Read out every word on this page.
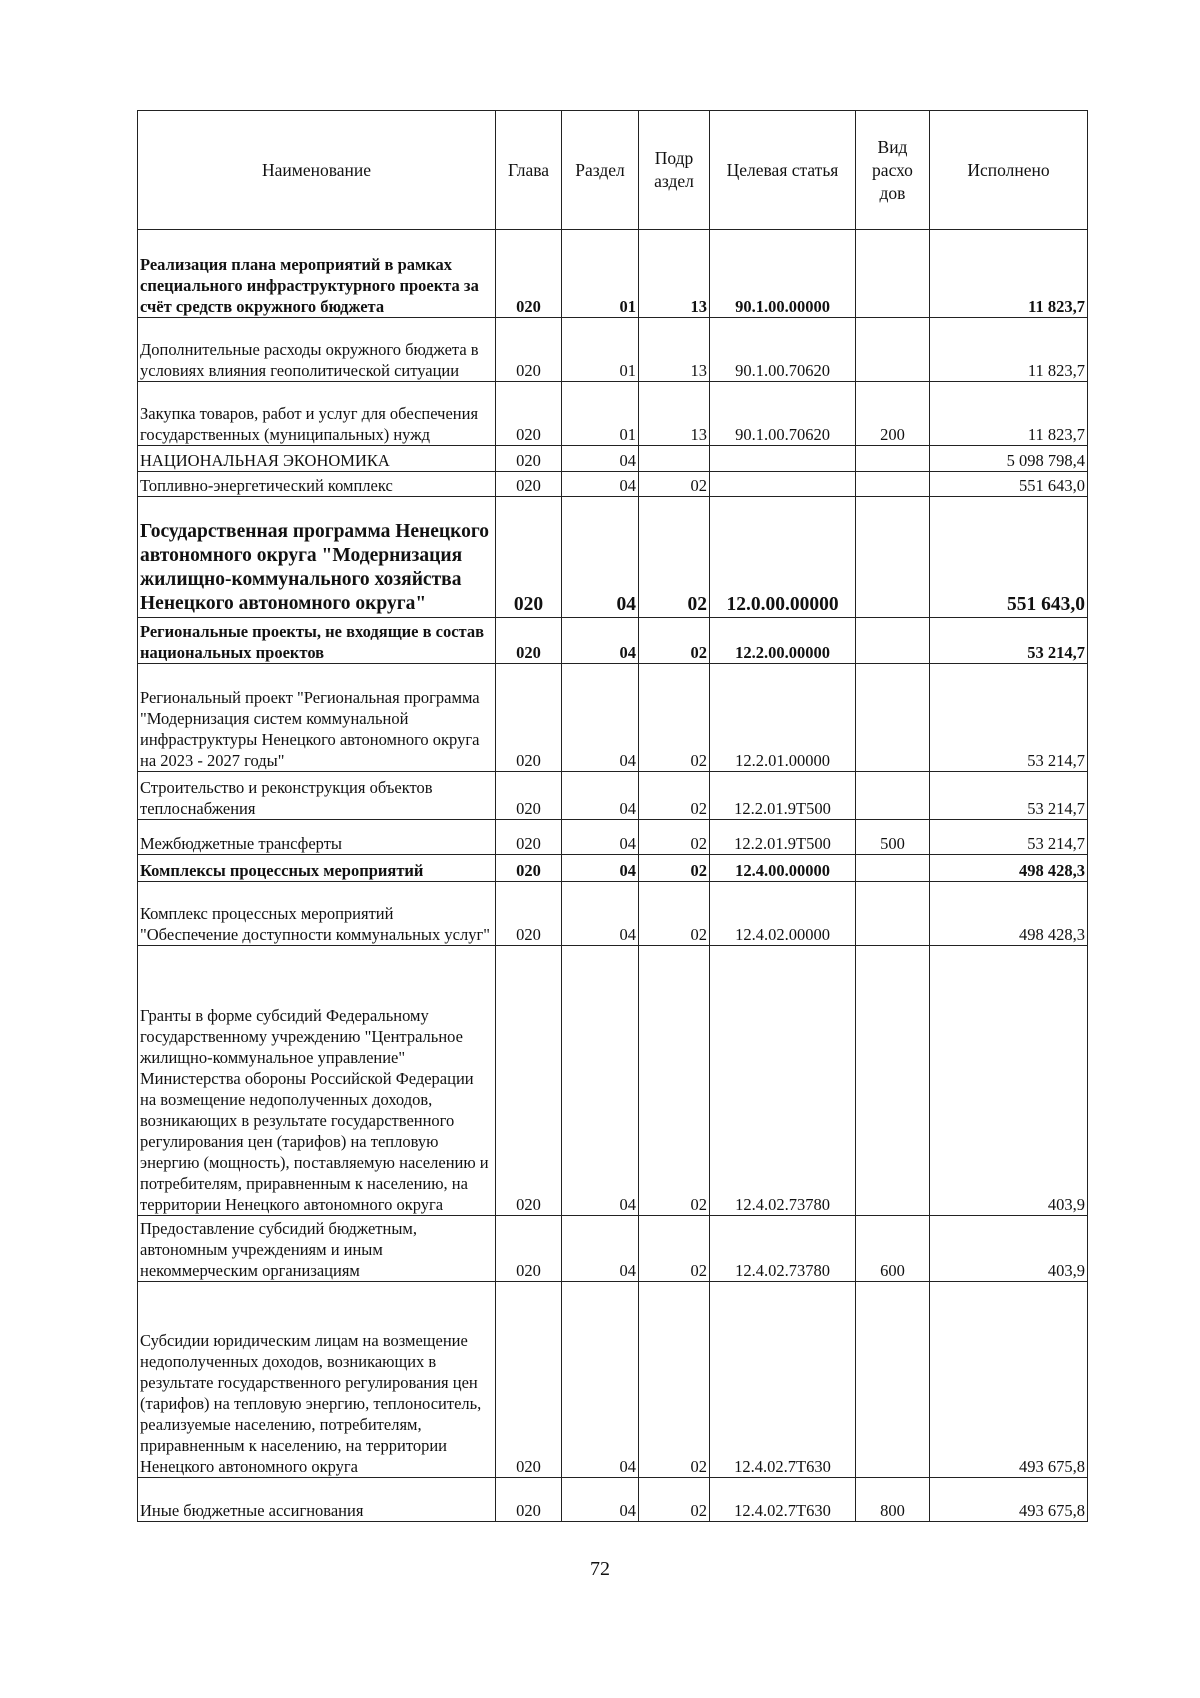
Наименование	Глава	Раздел	Подр аздел	Целевая статья	Вид расхо дов	Исполнено
Реализация плана мероприятий в рамках специального инфраструктурного проекта за счёт средств окружного бюджета	020	01	13	90.1.00.00000		11 823,7
Дополнительные расходы окружного бюджета в условиях влияния геополитической ситуации	020	01	13	90.1.00.70620		11 823,7
Закупка товаров, работ и услуг для обеспечения государственных (муниципальных) нужд	020	01	13	90.1.00.70620	200	11 823,7
НАЦИОНАЛЬНАЯ ЭКОНОМИКА	020	04				5 098 798,4
Топливно-энергетический комплекс	020	04	02			551 643,0
Государственная программа Ненецкого автономного округа "Модернизация жилищно-коммунального хозяйства Ненецкого автономного округа"	020	04	02	12.0.00.00000		551 643,0
Региональные проекты, не входящие в состав национальных проектов	020	04	02	12.2.00.00000		53 214,7
Региональный проект "Региональная программа "Модернизация систем коммунальной инфраструктуры Ненецкого автономного округа на 2023 - 2027 годы"	020	04	02	12.2.01.00000		53 214,7
Строительство и реконструкция объектов теплоснабжения	020	04	02	12.2.01.9Т500		53 214,7
Межбюджетные трансферты	020	04	02	12.2.01.9Т500	500	53 214,7
Комплексы процессных мероприятий	020	04	02	12.4.00.00000		498 428,3
Комплекс процессных мероприятий "Обеспечение доступности коммунальных услуг"	020	04	02	12.4.02.00000		498 428,3
Гранты в форме субсидий Федеральному государственному учреждению "Центральное жилищно-коммунальное управление" Министерства обороны Российской Федерации на возмещение недополученных доходов, возникающих в результате государственного регулирования цен (тарифов) на тепловую энергию (мощность), поставляемую населению и потребителям, приравненным к населению, на территории Ненецкого автономного округа	020	04	02	12.4.02.73780		403,9
Предоставление субсидий бюджетным, автономным учреждениям и иным некоммерческим организациям	020	04	02	12.4.02.73780	600	403,9
Субсидии юридическим лицам на возмещение недополученных доходов, возникающих в результате государственного регулирования цен (тарифов) на тепловую энергию, теплоноситель, реализуемые населению, потребителям, приравненным к населению, на территории Ненецкого автономного округа	020	04	02	12.4.02.7Т630		493 675,8
Иные бюджетные ассигнования	020	04	02	12.4.02.7Т630	800	493 675,8
72
